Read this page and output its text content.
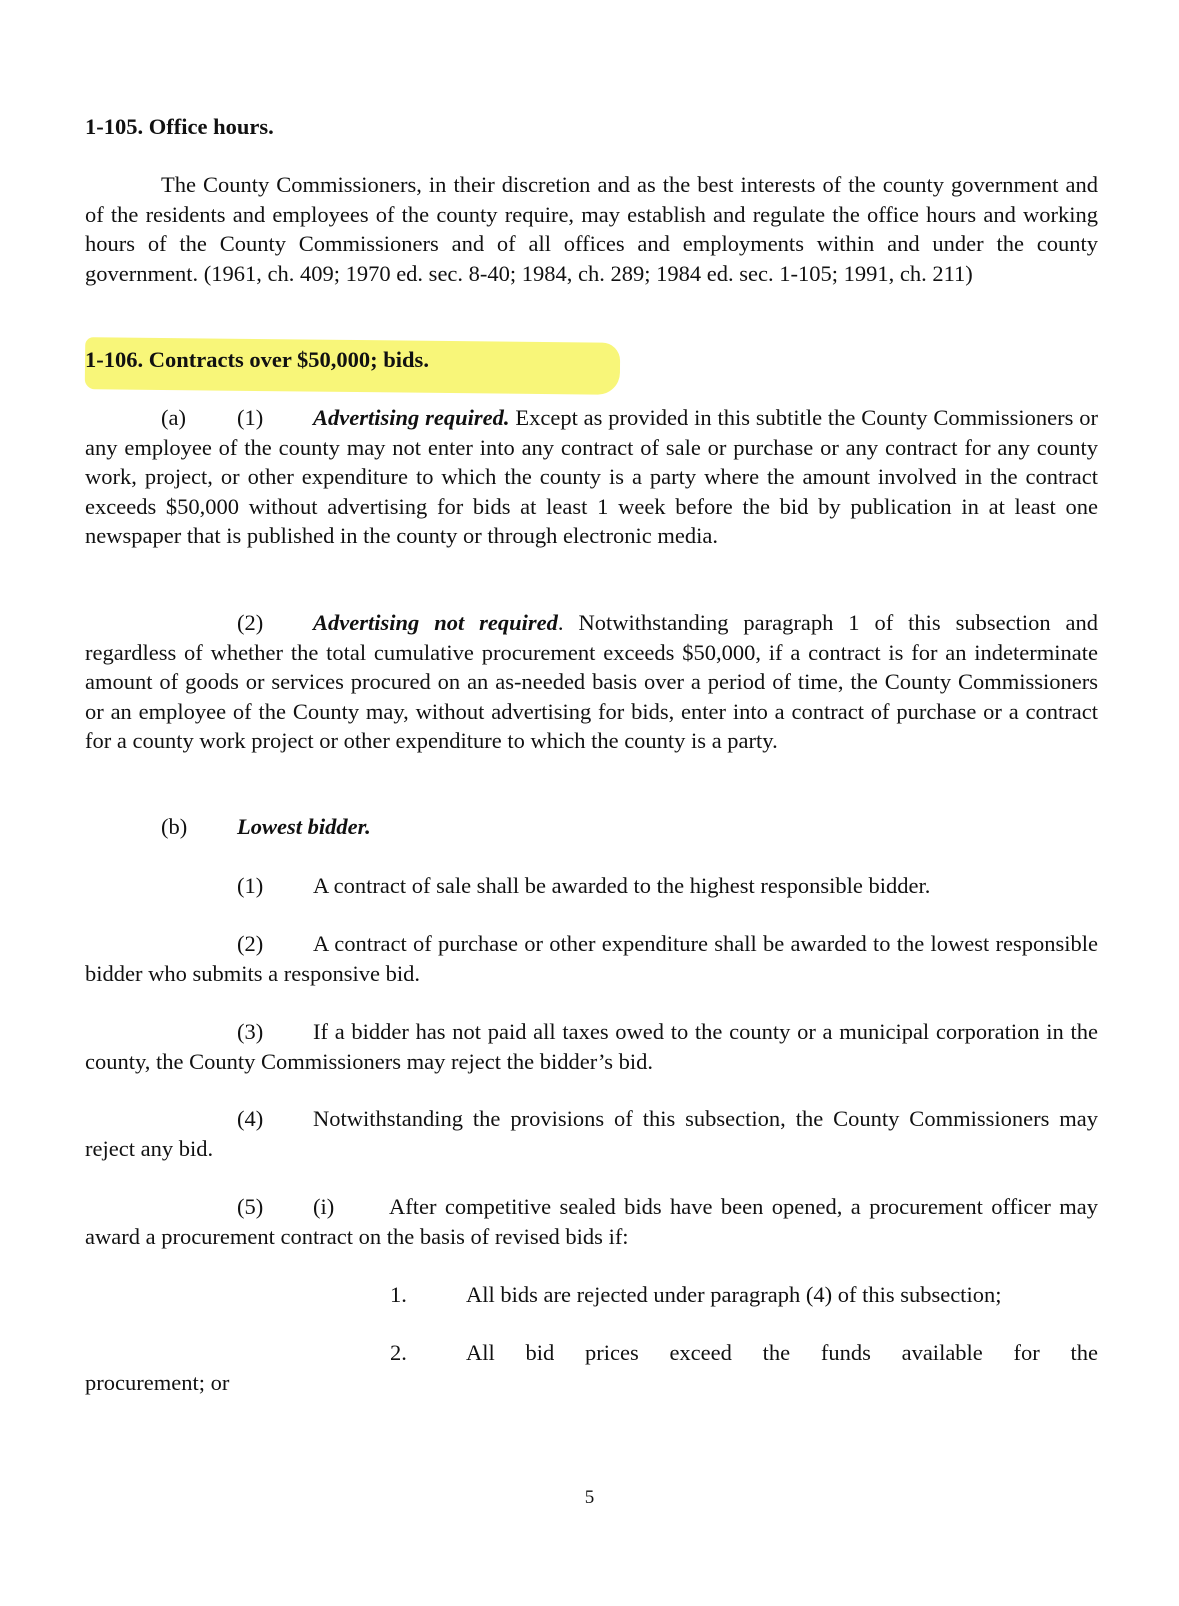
1-105. Office hours.

The County Commissioners, in their discretion and as the best interests of the county government and of the residents and employees of the county require, may establish and regulate the office hours and working hours of the County Commissioners and of all offices and employments within and under the county government. (1961, ch. 409; 1970 ed. sec. 8-40; 1984, ch. 289; 1984 ed. sec. 1-105; 1991, ch. 211)

1-106. Contracts over $50,000; bids.

(a) (1) Advertising required. Except as provided in this subtitle the County Commissioners or any employee of the county may not enter into any contract of sale or purchase or any contract for any county work, project, or other expenditure to which the county is a party where the amount involved in the contract exceeds $50,000 without advertising for bids at least 1 week before the bid by publication in at least one newspaper that is published in the county or through electronic media.

(2) Advertising not required. Notwithstanding paragraph 1 of this subsection and regardless of whether the total cumulative procurement exceeds $50,000, if a contract is for an indeterminate amount of goods or services procured on an as-needed basis over a period of time, the County Commissioners or an employee of the County may, without advertising for bids, enter into a contract of purchase or a contract for a county work project or other expenditure to which the county is a party.

(b) Lowest bidder.

(1) A contract of sale shall be awarded to the highest responsible bidder.

(2) A contract of purchase or other expenditure shall be awarded to the lowest responsible bidder who submits a responsive bid.

(3) If a bidder has not paid all taxes owed to the county or a municipal corporation in the county, the County Commissioners may reject the bidder’s bid.

(4) Notwithstanding the provisions of this subsection, the County Commissioners may reject any bid.

(5) (i) After competitive sealed bids have been opened, a procurement officer may award a procurement contract on the basis of revised bids if:

1.	All bids are rejected under paragraph (4) of this subsection;
2.	All bid prices exceed the funds available for the
procurement; or
5
